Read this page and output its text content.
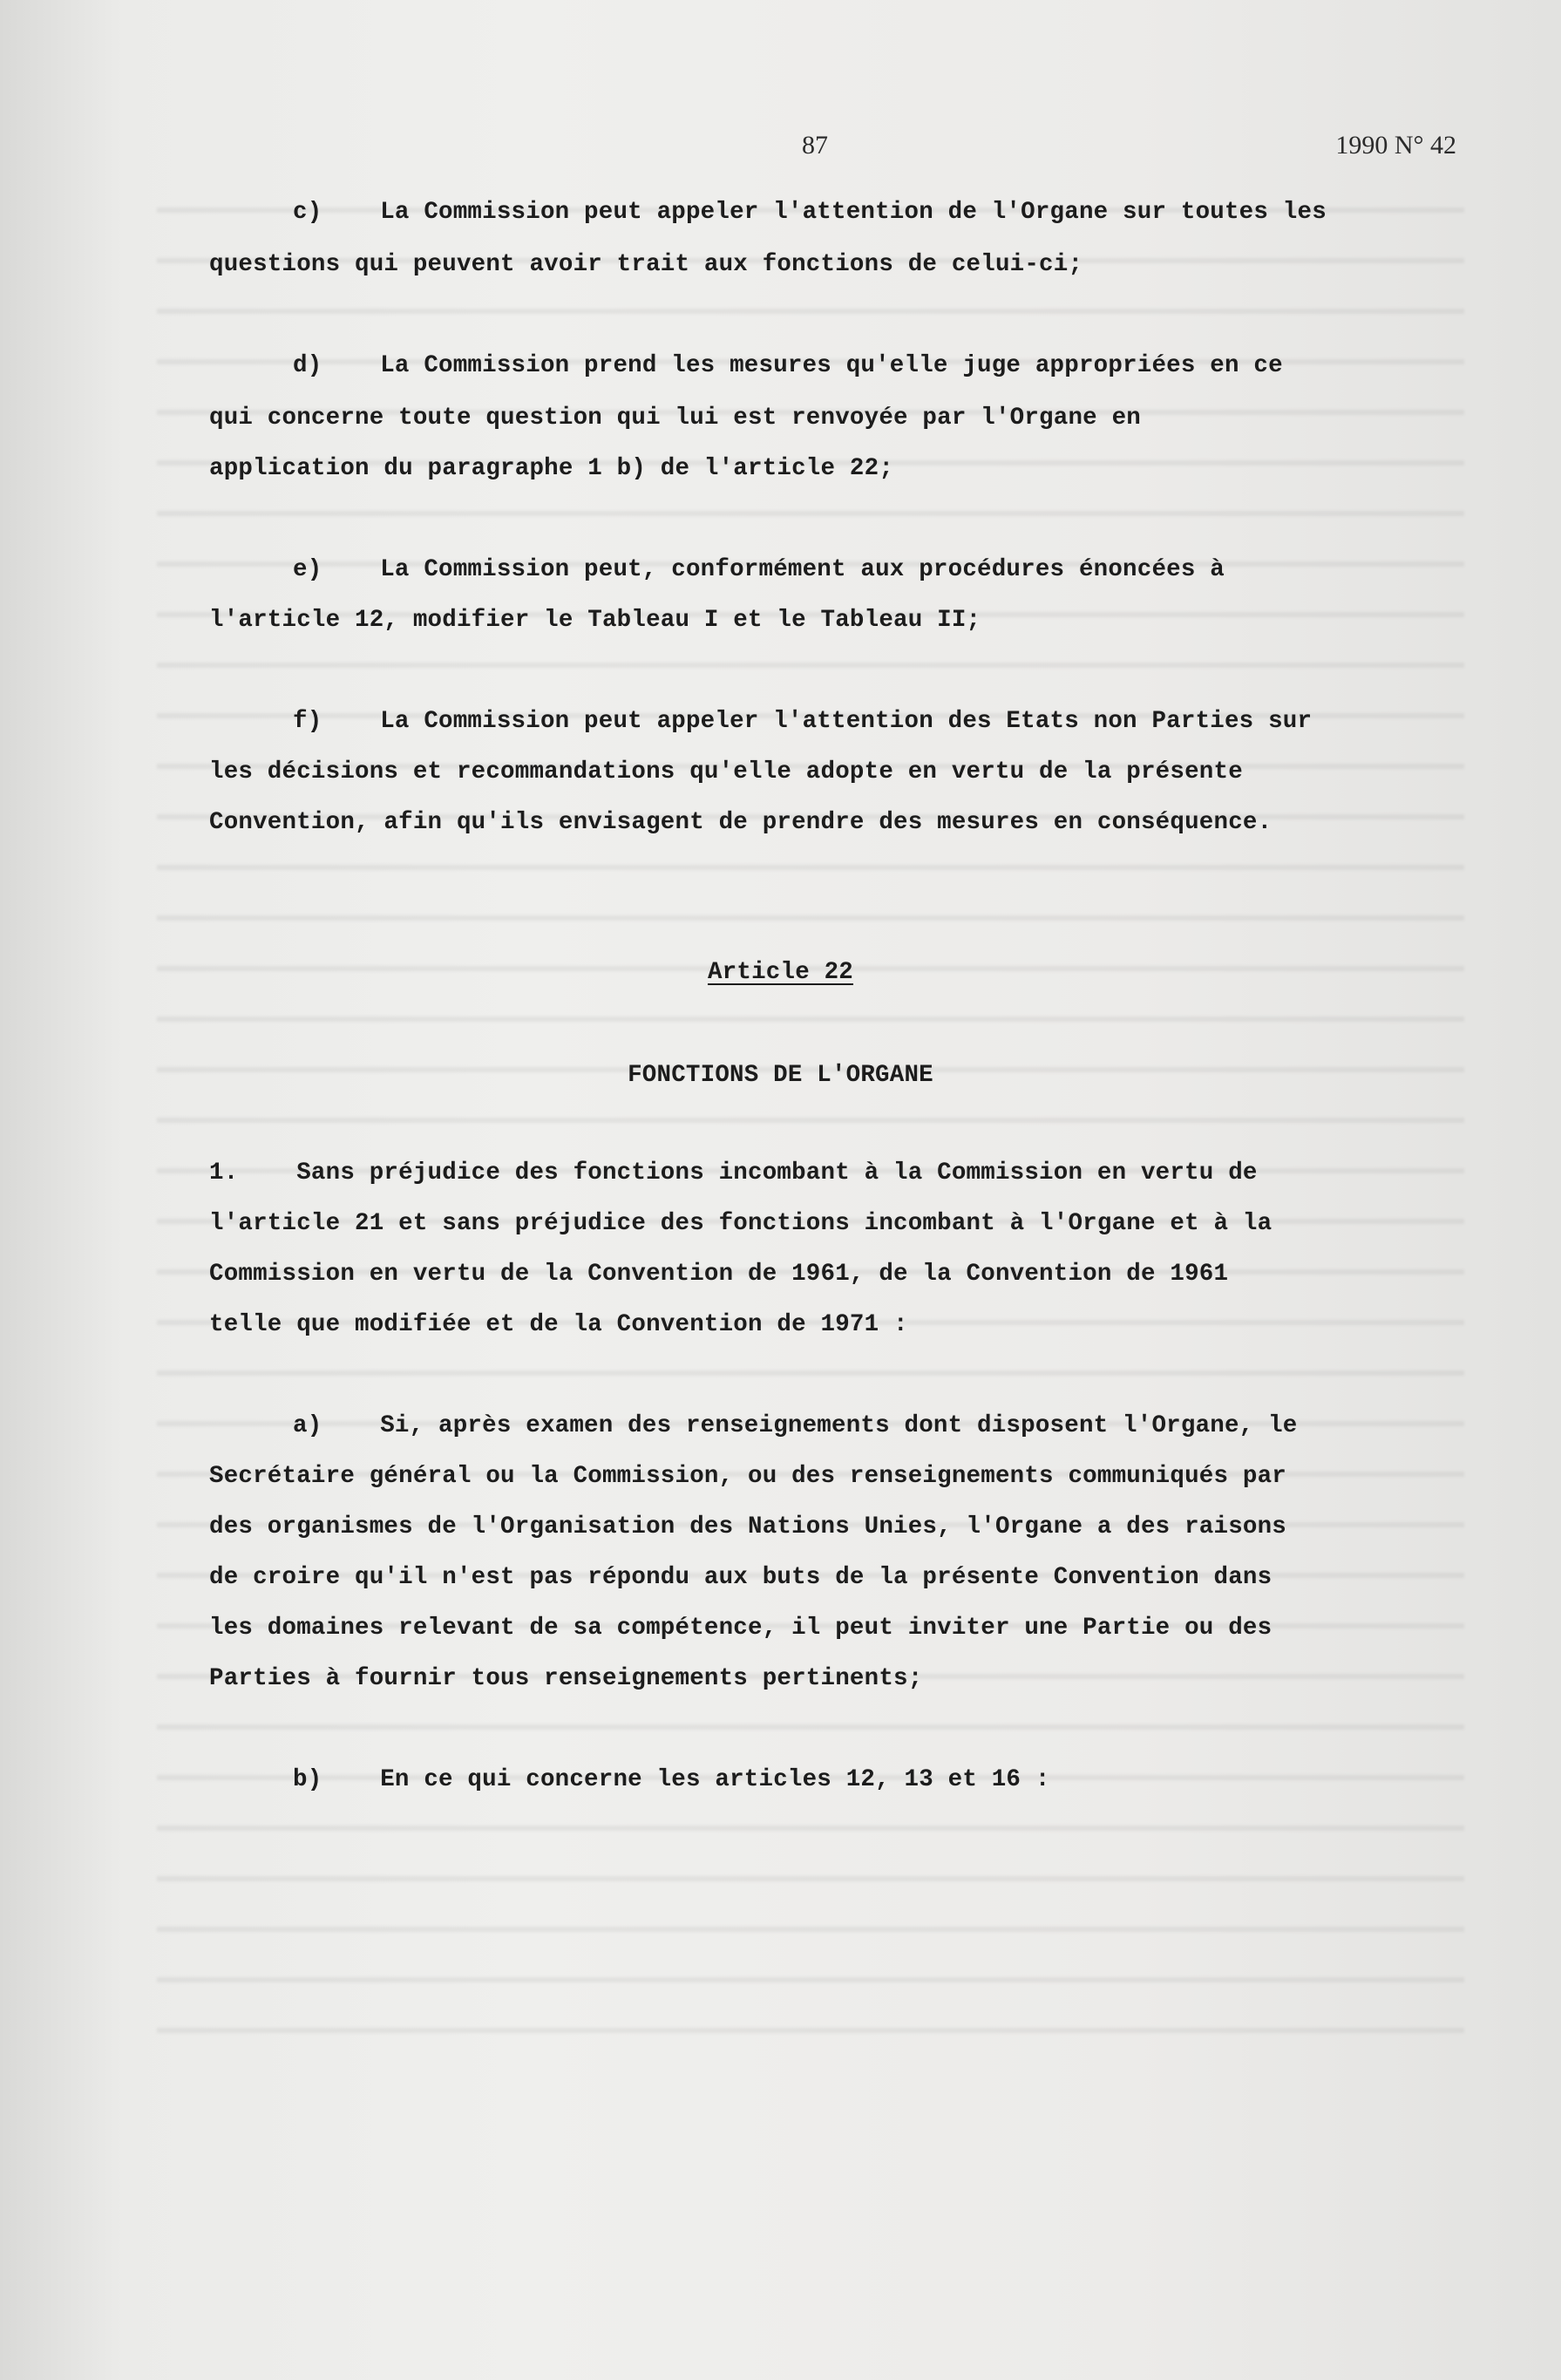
87	1990 N° 42
c)    La Commission peut appeler l'attention de l'Organe sur toutes les
questions qui peuvent avoir trait aux fonctions de celui-ci;
d)    La Commission prend les mesures qu'elle juge appropriées en ce
qui concerne toute question qui lui est renvoyée par l'Organe en
application du paragraphe 1 b) de l'article 22;
e)    La Commission peut, conformément aux procédures énoncées à
l'article 12, modifier le Tableau I et le Tableau II;
f)    La Commission peut appeler l'attention des Etats non Parties sur
les décisions et recommandations qu'elle adopte en vertu de la présente
Convention, afin qu'ils envisagent de prendre des mesures en conséquence.
Article 22
FONCTIONS DE L'ORGANE
1.    Sans préjudice des fonctions incombant à la Commission en vertu de
l'article 21 et sans préjudice des fonctions incombant à l'Organe et à la
Commission en vertu de la Convention de 1961, de la Convention de 1961
telle que modifiée et de la Convention de 1971 :
a)    Si, après examen des renseignements dont disposent l'Organe, le
Secrétaire général ou la Commission, ou des renseignements communiqués par
des organismes de l'Organisation des Nations Unies, l'Organe a des raisons
de croire qu'il n'est pas répondu aux buts de la présente Convention dans
les domaines relevant de sa compétence, il peut inviter une Partie ou des
Parties à fournir tous renseignements pertinents;
b)    En ce qui concerne les articles 12, 13 et 16 :
